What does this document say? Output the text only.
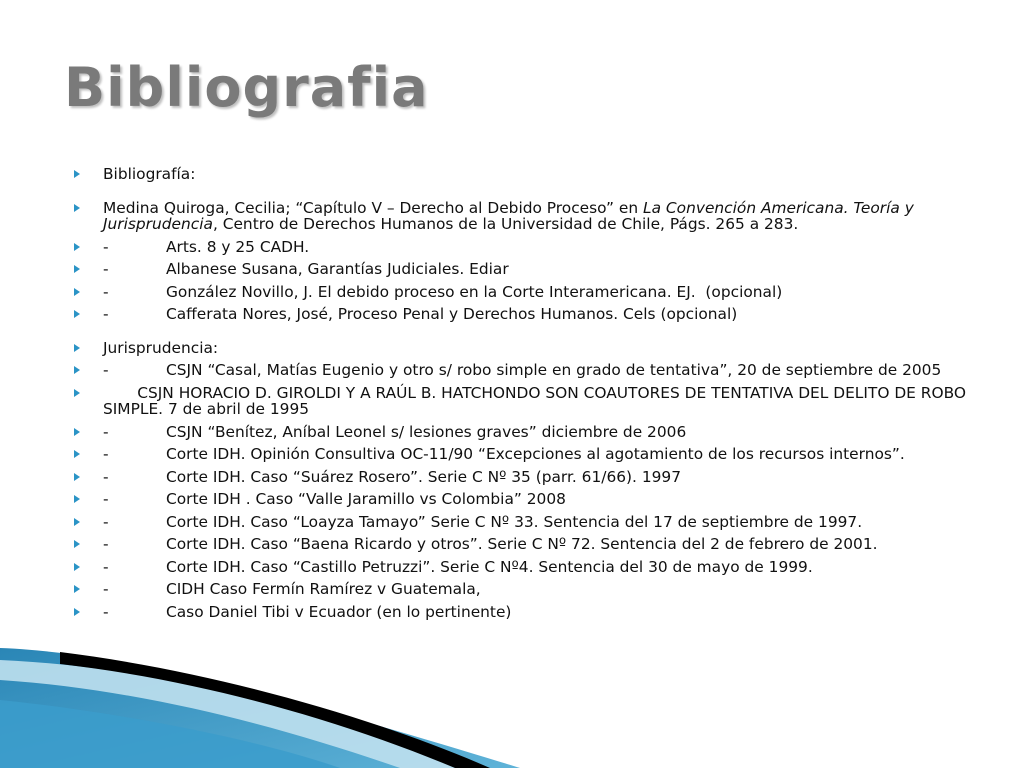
Bibliografia
Bibliografía:
Medina Quiroga, Cecilia; “Capítulo V – Derecho al Debido Proceso” en La Convención Americana. Teoría y Jurisprudencia, Centro de Derechos Humanos de la Universidad de Chile, Págs. 265 a 283.
-	Arts. 8 y 25 CADH.
-	Albanese Susana, Garantías Judiciales. Ediar
-	González Novillo, J. El debido proceso en la Corte Interamericana. EJ.  (opcional)
-	Cafferata Nores, José, Proceso Penal y Derechos Humanos. Cels (opcional)
Jurisprudencia:
-	CSJN “Casal, Matías Eugenio y otro s/ robo simple en grado de tentativa”, 20 de septiembre de 2005
CSJN HORACIO D. GIROLDI Y A RAÚL B. HATCHONDO SON COAUTORES DE TENTATIVA DEL DELITO DE ROBO SIMPLE. 7 de abril de 1995
-	CSJN “Benítez, Aníbal Leonel s/ lesiones graves” diciembre de 2006
-	Corte IDH. Opinión Consultiva OC-11/90 “Excepciones al agotamiento de los recursos internos”.
-	Corte IDH. Caso “Suárez Rosero”. Serie C Nº 35 (parr. 61/66). 1997
-	Corte IDH . Caso “Valle Jaramillo vs Colombia” 2008
-	Corte IDH. Caso “Loayza Tamayo” Serie C Nº 33. Sentencia del 17 de septiembre de 1997.
-	Corte IDH. Caso “Baena Ricardo y otros”. Serie C Nº 72. Sentencia del 2 de febrero de 2001.
-	Corte IDH. Caso “Castillo Petruzzi”. Serie C Nº4. Sentencia del 30 de mayo de 1999.
-	CIDH Caso Fermín Ramírez v Guatemala,
-	Caso Daniel Tibi v Ecuador (en lo pertinente)
